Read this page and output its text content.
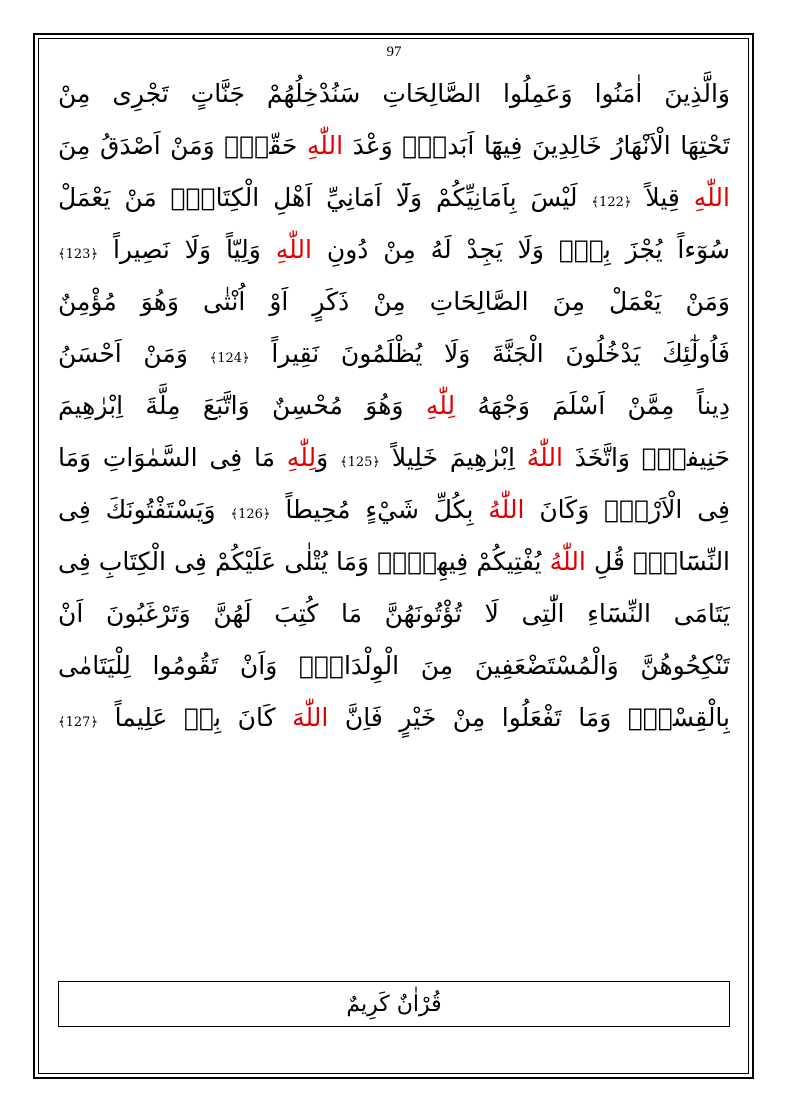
97
وَالَّذِينَ اٰمَنُوا وَعَمِلُوا الصَّالِحَاتِ سَنُدْخِلُهُمْ جَنَّاتٍ تَجْرِى مِنْ
تَحْتِهَا الْاَنْهَارُ خَالِدِينَ فِيهَٓا اَبَداًۜ وَعْدَ اللّٰهِ حَقّاًۜ وَمَنْ اَصْدَقُ مِنَ
اللّٰهِ قِيلاً ﴿122﴾ لَيْسَ بِاَمَانِيِّكُمْ وَلَٓا اَمَانِيِّ اَهْلِ الْكِتَابِۜ مَنْ يَعْمَلْ
سُوٓءاً يُجْزَ بِهٖۙ وَلَا يَجِدْ لَهُ مِنْ دُونِ اللّٰهِ وَلِيّاً وَلَا نَصِيراً ﴿123﴾
وَمَنْ يَعْمَلْ مِنَ الصَّالِحَاتِ مِنْ ذَكَرٍ اَوْ اُنْثٰى وَهُوَ مُؤْمِنٌ
فَاُولٰٓئِكَ يَدْخُلُونَ الْجَنَّةَ وَلَا يُظْلَمُونَ نَقِيراً ﴿124﴾ وَمَنْ اَحْسَنُ
دِيناً مِمَّنْ اَسْلَمَ وَجْهَهُ لِلّٰهِ وَهُوَ مُحْسِنٌ وَاتَّبَعَ مِلَّةَ اِبْرٰهِيمَ
حَنِيفاًۜ وَاتَّخَذَ اللّٰهُ اِبْرٰهِيمَ خَلِيلاً ﴿125﴾ وَلِلّٰهِ مَا فِى السَّمٰوَاتِ وَمَا
فِى الْاَرْضِۜ وَكَانَ اللّٰهُ بِكُلِّ شَيْءٍ مُحِيطاً ﴿126﴾ وَيَسْتَفْتُونَكَ فِى
النِّسَٓاءِۜ قُلِ اللّٰهُ يُفْتِيكُمْ فِيهِنَّۙ وَمَا يُتْلٰى عَلَيْكُمْ فِى الْكِتَابِ فِى
يَتَامَى النِّسَٓاءِ الّٰتِى لَا تُؤْتُونَهُنَّ مَا كُتِبَ لَهُنَّ وَتَرْغَبُونَ اَنْ
تَنْكِحُوهُنَّ وَالْمُسْتَضْعَفِينَ مِنَ الْوِلْدَانِۙ وَاَنْ تَقُومُوا لِلْيَتَامٰى
بِالْقِسْطِۜ وَمَا تَفْعَلُوا مِنْ خَيْرٍ فَاِنَّ اللّٰهَ كَانَ بِهٖ عَلِيماً ﴿127﴾
قُرْاٰنٌ كَرِيمٌ
